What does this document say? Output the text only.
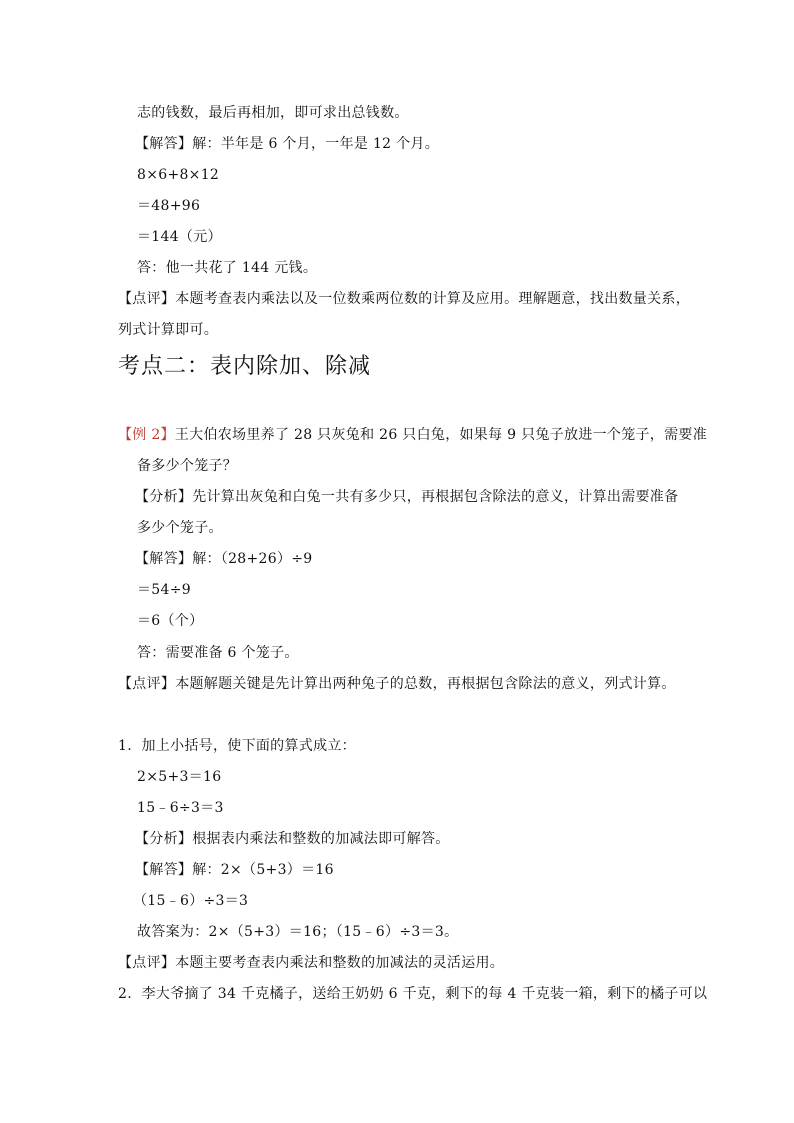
志的钱数，最后再相加，即可求出总钱数。
【解答】解：半年是 6 个月，一年是 12 个月。
8×6+8×12
＝48+96
＝144（元）
答：他一共花了 144 元钱。
【点评】本题考查表内乘法以及一位数乘两位数的计算及应用。理解题意，找出数量关系，
列式计算即可。
考点二：表内除加、除减
【例 2】王大伯农场里养了 28 只灰兔和 26 只白兔，如果每 9 只兔子放进一个笼子，需要准
备多少个笼子？
【分析】先计算出灰兔和白兔一共有多少只，再根据包含除法的意义，计算出需要准备
多少个笼子。
【解答】解：（28+26）÷9
＝54÷9
＝6（个）
答：需要准备 6 个笼子。
【点评】本题解题关键是先计算出两种兔子的总数，再根据包含除法的意义，列式计算。
1. 加上小括号，使下面的算式成立：
2×5+3＝16
15﹣6÷3＝3
【分析】根据表内乘法和整数的加减法即可解答。
【解答】解：2×（5+3）＝16
（15﹣6）÷3＝3
故答案为：2×（5+3）＝16；（15﹣6）÷3＝3。
【点评】本题主要考查表内乘法和整数的加减法的灵活运用。
2. 李大爷摘了 34 千克橘子，送给王奶奶 6 千克，剩下的每 4 千克装一箱，剩下的橘子可以
